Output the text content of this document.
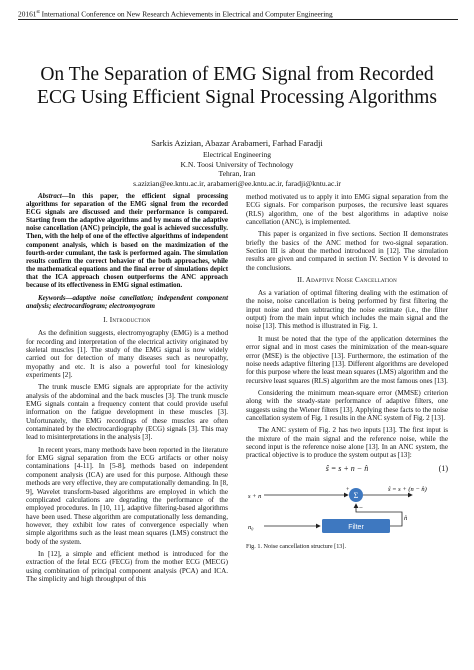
20161st International Conference on New Research Achievements in Electrical and Computer Engineering
On The Separation of EMG Signal from Recorded
ECG Using Efficient Signal Processing Algorithms
Sarkis Azizian, Abazar Arabameri, Farhad Faradji
Electrical Engineering
K.N. Toosi University of Technology
Tehran, Iran
s.azizian@ee.kntu.ac.ir, arabameri@ee.kntu.ac.ir, faradji@kntu.ac.ir
Abstract—In this paper, the efficient signal processing algorithms for separation of the EMG signal from the recorded ECG signals are discussed and their performance is compared. Starting from the adaptive algorithms and by means of the adaptive noise cancellation (ANC) principle, the goal is achieved successfully. Then, with the help of one of the effective algorithms of independent component analysis, which is based on the maximization of the fourth-order cumulant, the task is performed again. The simulation results confirm the correct behavior of the both approaches, while the mathematical equations and the final error of simulations depict that the ICA approach chosen outperforms the ANC approach because of its effectiveness in EMG signal estimation.
Keywords—adaptive noise canellation; independent component analysis; electrocardiogram; electromyogram
I. Introduction

As the definition suggests, electromyography (EMG) is a method for recording and interpretation of the electrical activity originated by skeletal muscles [1]. The study of the EMG signal is now widely carried out for detection of many diseases such as neuropathy, myopathy and etc. It is also a powerful tool for kinesiology experiments [2].

The trunk muscle EMG signals are appropriate for the activity analysis of the abdominal and the back muscles [3]. The trunk muscle EMG signals contain a frequency content that could provide useful information on the fatigue development in these muscles [3]. Unfortunately, the EMG recordings of these muscles are often contaminated by the electrocardiography (ECG) signals [3]. This may lead to misinterpretations in the analysis [3].

In recent years, many methods have been reported in the literature for EMG signal separation from the ECG artifacts or other noisy contaminations [4-11]. In [5-8], methods based on independent component analysis (ICA) are used for this purpose. Although these methods are very effective, they are computationally demanding. In [8, 9], Wavelet transform-based algorithms are employed in which the complicated calculations are degrading the performance of the employed procedures. In [10, 11], adaptive filtering-based algorithms have been used. These algorithm are computationally less demanding, however, they exhibit low rates of convergence especially when simple algorithms such as the least mean squares (LMS) construct the body of the system.

In [12], a simple and efficient method is introduced for the extraction of the fetal ECG (FECG) from the mother ECG (MECG) using combination of principal component analysis (PCA) and ICA. The simplicity and high throughput of this

method motivated us to apply it into EMG signal separation from the ECG signals. For comparison purposes, the recursive least squares (RLS) algorithm, one of the best algorithms in adaptive noise cancellation (ANC), is implemented.

This paper is organized in five sections. Section II demonstrates briefly the basics of the ANC method for two-signal separation. Section III is about the method introduced in [12]. The simulation results are given and compared in section IV. Section V is devoted to the conclusions.

II. Adaptive Noise Cancellation

As a variation of optimal filtering dealing with the estimation of the noise, noise cancellation is being performed by first filtering the input noise and then subtracting the noise estimate (i.e., the filter output) from the main input which includes the main signal and the noise [13]. This method is illustrated in Fig. 1.

It must be noted that the type of the application determines the error signal and in most cases the minimization of the mean-square error (MSE) is the objective [13]. Furthermore, the estimation of the noise needs adaptive filtering [13]. Different algorithms are developed for this purpose where the least mean squares (LMS) algorithm and the recursive least squares (RLS) algorithm are the most famous ones [13].

Considering the minimum mean-square error (MMSE) criterion along with the steady-state performance of adaptive filters, one suggests using the Wiener filters [13]. Applying these facts to the noise cancellation system of Fig. 1 results in the ANC system of Fig. 2 [13].

The ANC system of Fig. 2 has two inputs [13]. The first input is the mixture of the main signal and the reference noise, while the second input is the reference noise alone [13]. In an ANC system, the practical objective is to produce the system output as [13]:

ŝ = s + n − n̂	(1)
Σ
+
−
s + n
ŝ = s + (n − n̂)
n₀	Filter
n̂
Fig. 1. Noise cancellation structure [13].
